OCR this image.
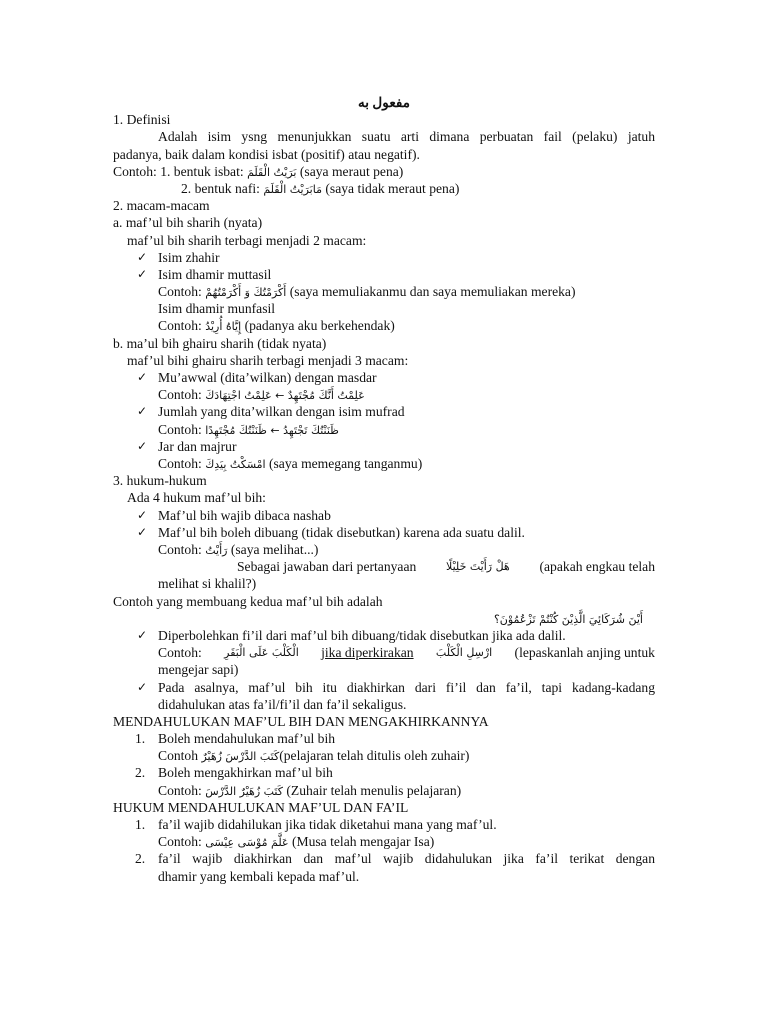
مفعول به
1. Definisi
Adalah isim ysng menunjukkan suatu arti dimana perbuatan fail (pelaku) jatuh
padanya, baik dalam kondisi isbat (positif) atau negatif).
Contoh: 1. bentuk isbat: بَرَيْتُ الْقَلَمَ (saya meraut pena)
2. bentuk nafi: مَابَرَيْتُ الْقَلَمَ (saya tidak meraut pena)
2. macam-macam
a. maf’ul bih sharih (nyata)
maf’ul bih sharih terbagi menjadi 2 macam:
✓ Isim zhahir
✓ Isim dhamir muttasil
Contoh: أَكْرَمْتُكَ وَ أَكْرَمْتُهُمْ (saya memuliakanmu dan saya memuliakan mereka)
Isim dhamir munfasil
Contoh: إِيَّاهُ أُرِيْدُ (padanya aku berkehendak)
b. ma’ul bih ghairu sharih (tidak nyata)
maf’ul bihi ghairu sharih terbagi menjadi 3 macam:
✓ Mu’awwal (dita’wilkan) dengan masdar
Contoh: عَلِمْتُ أَنَّكَ مُجْتَهِدٌ ← عَلِمْتُ اجْتِهَادَكَ
✓ Jumlah yang dita’wilkan dengan isim mufrad
Contoh: ظَنَنْتُكَ تَجْتَهِدُ ← ظَنَنْتُكَ مُجْتَهِدًا
✓ Jar dan majrur
Contoh: امْسَكْتُ بِيَدِكَ (saya memegang tanganmu)
3. hukum-hukum
Ada 4 hukum maf’ul bih:
✓ Maf’ul bih wajib dibaca nashab
✓ Maf’ul bih boleh dibuang (tidak disebutkan) karena ada suatu dalil.
Contoh: رَأَيْتُ (saya melihat...)
Sebagai jawaban dari pertanyaan	هَلْ رَأَيْتَ خَلِيْلًا (apakah engkau telah
melihat si khalil?)
Contoh yang membuang kedua maf’ul bih adalah
أَيْنَ شُرَكَائِيَ الَّذِيْنَ كُنْتُمْ تَزْعُمُوْنَ؟
✓ Diperbolehkan fi’il dari maf’ul bih dibuang/tidak disebutkan jika ada dalil.
Contoh: الْكَلْبَ عَلَى الْبَقَرِ jika diperkirakan ارْسِلِ الْكَلْبَ (lepaskanlah anjing untuk
mengejar sapi)
✓ Pada asalnya, maf’ul bih itu diakhirkan dari fi’il dan fa’il, tapi kadang-kadang
didahulukan atas fa’il/fi’il dan fa’il sekaligus.
MENDAHULUKAN MAF’UL BIH DAN MENGAKHIRKANNYA
1. Boleh mendahulukan maf’ul bih
Contoh كَتَبَ الدَّرْسَ زُهَيْرٌ(pelajaran telah ditulis oleh zuhair)
2. Boleh mengakhirkan maf’ul bih
Contoh: كَتَبَ زُهَيْرٌ الدَّرْسَ (Zuhair telah menulis pelajaran)
HUKUM MENDAHULUKAN MAF’UL DAN FA’IL
1. fa’il wajib didahilukan jika tidak diketahui mana yang maf’ul.
Contoh: عَلَّمَ مُوْسَى عِيْسَى (Musa telah mengajar Isa)
2. fa’il wajib diakhirkan dan maf’ul wajib didahulukan jika fa’il terikat dengan
dhamir yang kembali kepada maf’ul.
